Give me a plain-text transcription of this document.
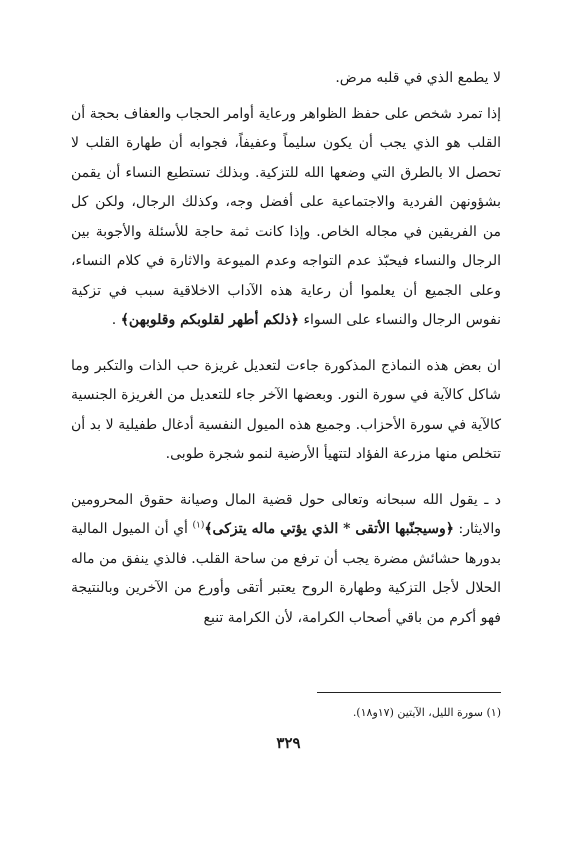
لا يطمع الذي في قلبه مرض.

إذا تمرد شخص على حفظ الظواهر ورعاية أوامر الحجاب والعفاف بحجة أن القلب هو الذي يجب أن يكون سليماً وعفيفاً، فجوابه أن طهارة القلب لا تحصل الا بالطرق التي وضعها الله للتزكية. وبذلك تستطيع النساء أن يقمن بشؤونهن الفردية والاجتماعية على أفضل وجه، وكذلك الرجال، ولكن كل من الفريقين في مجاله الخاص. وإذا كانت ثمة حاجة للأسئلة والأجوبة بين الرجال والنساء فيحبّذ عدم التواجه وعدم الميوعة والاثارة في كلام النساء، وعلى الجميع أن يعلموا أن رعاية هذه الآداب الاخلاقية سبب في تزكية نفوس الرجال والنساء على السواء ﴿ذلكم أطهر لقلوبكم وقلوبهن﴾ .

ان بعض هذه النماذج المذكورة جاءت لتعديل غريزة حب الذات والتكبر وما شاكل كالآية في سورة النور. وبعضها الآخر جاء للتعديل من الغريزة الجنسية كالآية في سورة الأحزاب. وجميع هذه الميول النفسية أدغال طفيلية لا بد أن تتخلص منها مزرعة الفؤاد لتتهيأ الأرضية لنمو شجرة طوبى.

د ـ يقول الله سبحانه وتعالى حول قضية المال وصيانة حقوق المحرومين والايثار: ﴿وسيجنّبها الأتقى * الذي يؤتي ماله يتزكى﴾$^{(١)}$ أي أن الميول المالية بدورها حشائش مضرة يجب أن ترفع من ساحة القلب. فالذي ينفق من ماله الحلال لأجل التزكية وطهارة الروح يعتبر أتقى وأورع من الآخرين وبالنتيجة فهو أكرم من باقي أصحاب الكرامة، لأن الكرامة تنبع

(١) سورة الليل، الآيتين (١٧و١٨).
٣٢٩
